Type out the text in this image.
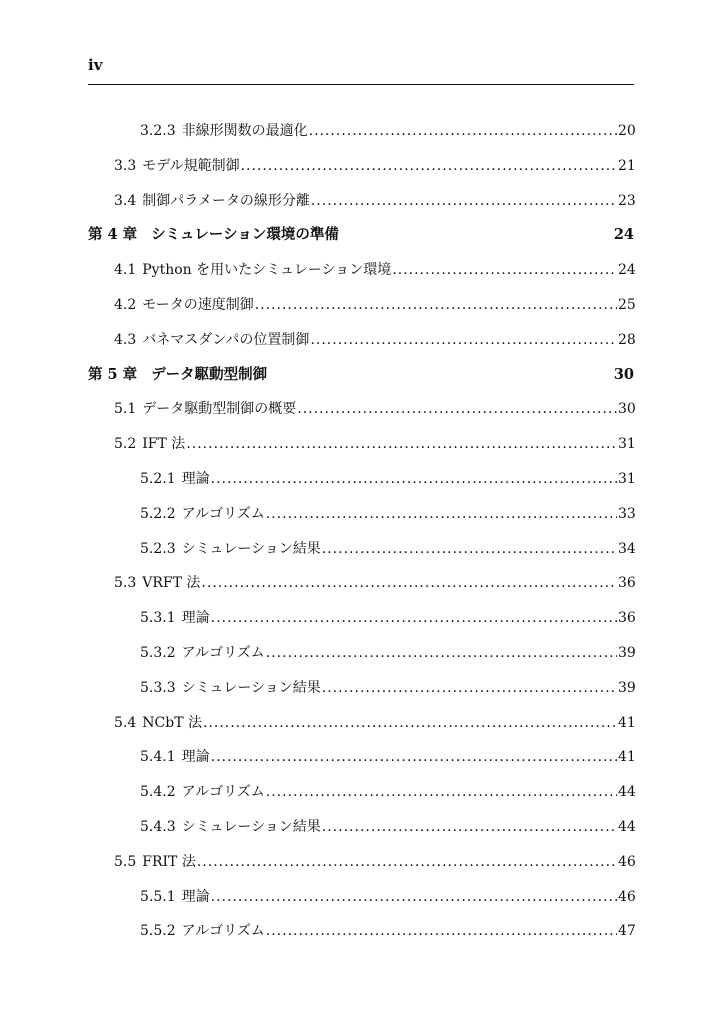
iv
3.2.3 非線形関数の最適化 .....	20
3.3 モデル規範制御 .....	21
3.4 制御パラメータの線形分離 .....	23
第 4 章 シミュレーション環境の準備	24
4.1 Python を用いたシミュレーション環境 .....	24
4.2 モータの速度制御 .....	25
4.3 バネマスダンパの位置制御 .....	28
第 5 章 データ駆動型制御	30
5.1 データ駆動型制御の概要 .....	30
5.2 IFT 法 .....	31
5.2.1 理論 .....	31
5.2.2 アルゴリズム .....	33
5.2.3 シミュレーション結果 .....	34
5.3 VRFT 法 .....	36
5.3.1 理論 .....	36
5.3.2 アルゴリズム .....	39
5.3.3 シミュレーション結果 .....	39
5.4 NCbT 法 .....	41
5.4.1 理論 .....	41
5.4.2 アルゴリズム .....	44
5.4.3 シミュレーション結果 .....	44
5.5 FRIT 法 .....	46
5.5.1 理論 .....	46
5.5.2 アルゴリズム .....	47
